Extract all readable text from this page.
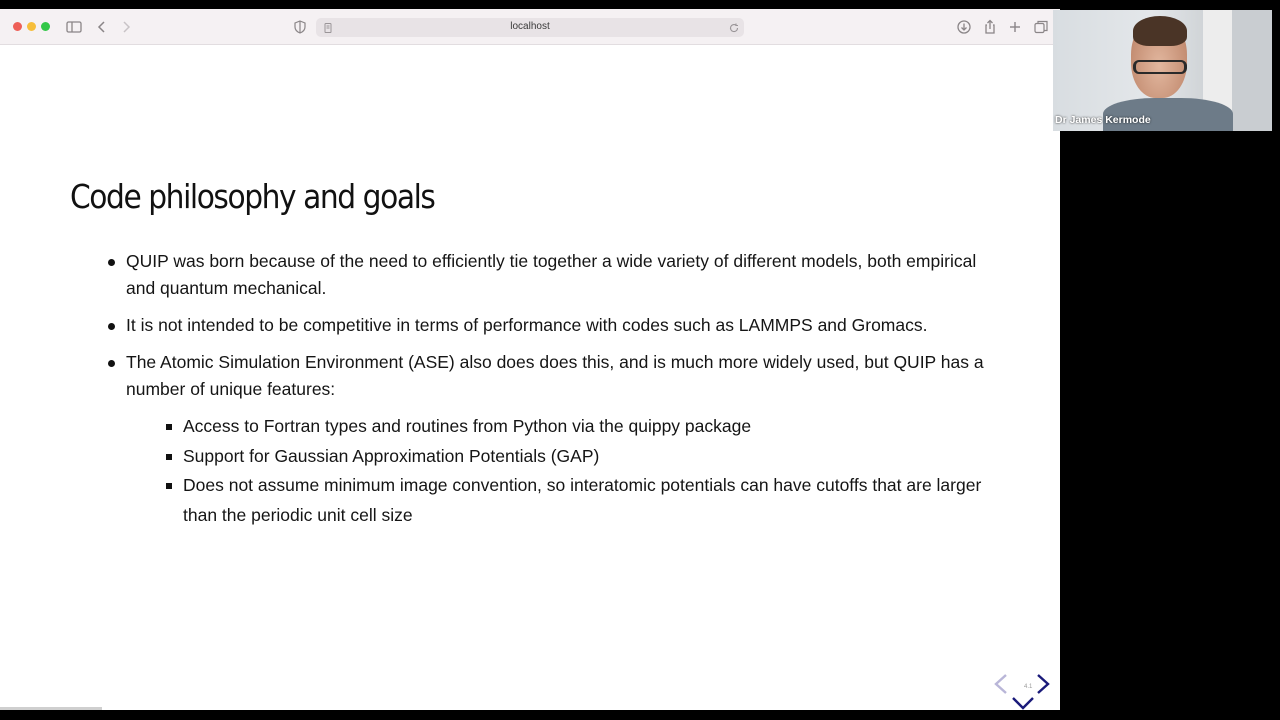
localhost
Code philosophy and goals
QUIP was born because of the need to efficiently tie together a wide variety of different models, both empirical and quantum mechanical.
It is not intended to be competitive in terms of performance with codes such as LAMMPS and Gromacs.
The Atomic Simulation Environment (ASE) also does does this, and is much more widely used, but QUIP has a number of unique features:
Access to Fortran types and routines from Python via the quippy package
Support for Gaussian Approximation Potentials (GAP)
Does not assume minimum image convention, so interatomic potentials can have cutoffs that are larger than the periodic unit cell size
4.1
Dr James Kermode
